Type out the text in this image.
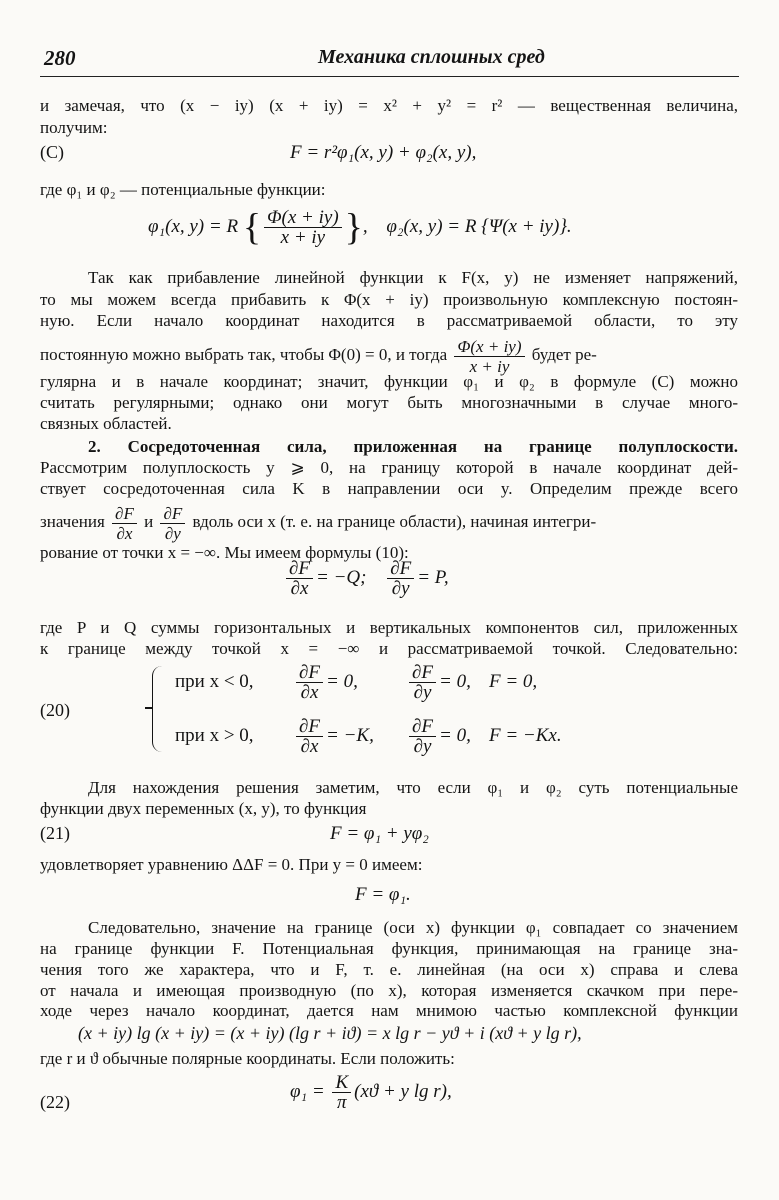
280	Механика сплошных сред
и замечая, что (x − iy) (x + iy) = x² + y² = r² — вещественная величина,
получим:
(C)	F = r²φ₁(x, y) + φ₂(x, y),
где φ₁ и φ₂ — потенциальные функции:
φ₁(x, y) = R { $\frac{\Phi(x + iy)}{x + iy}$ }, φ₂(x, y) = R {Ψ(x + iy)}.
Так как прибавление линейной функции к F(x, y) не изменяет напряжений,
то мы можем всегда прибавить к Φ(x + iy) произвольную комплексную постоян-
ную. Если начало координат находится в рассматриваемой области, то эту
постоянную можно выбрать так, чтобы Φ(0) = 0, и тогда $\frac{\Phi(x + iy)}{x + iy}$ будет ре-
гулярна и в начале координат; значит, функции φ₁ и φ₂ в формуле (C) можно
считать регулярными; однако они могут быть многозначными в случае много-
связных областей.
2. Сосредоточенная сила, приложенная на границе полуплоскости.
Рассмотрим полуплоскость y ⩾ 0, на границу которой в начале координат дей-
ствует сосредоточенная сила K в направлении оси y. Определим прежде всего
значения $\frac{\partial F}{\partial x}$ и $\frac{\partial F}{\partial y}$ вдоль оси x (т. е. на границе области), начиная интегри-
рование от точки x = −∞. Мы имеем формулы (10):
$\frac{\partial F}{\partial x} = -Q$; $\frac{\partial F}{\partial y} = P$,
где P и Q суммы горизонтальных и вертикальных компонентов сил, приложенных
к границе между точкой x = −∞ и рассматриваемой точкой. Следовательно:
(20)
при x < 0, $\frac{\partial F}{\partial x} = 0$,	$\frac{\partial F}{\partial y} = 0$, F = 0,
при x > 0, $\frac{\partial F}{\partial x} = -K$, $\frac{\partial F}{\partial y} = 0$, F = −Kx.
Для нахождения решения заметим, что если φ₁ и φ₂ суть потенциальные
функции двух переменных (x, y), то функция
(21)	F = φ₁ + yφ₂
удовлетворяет уравнению ΔΔF = 0. При y = 0 имеем:
F = φ₁.
Следовательно, значение на границе (оси x) функции φ₁ совпадает со значением
на границе функции F. Потенциальная функция, принимающая на границе зна-
чения того же характера, что и F, т. е. линейная (на оси x) справа и слева
от начала и имеющая производную (по x), которая изменяется скачком при пере-
ходе через начало координат, дается нам мнимою частью комплексной функции
(x + iy) lg (x + iy) = (x + iy) (lg r + iϑ) = x lg r − yϑ + i (xϑ + y lg r),
где r и ϑ обычные полярные координаты. Если положить:
(22)	$\varphi_1 = \frac{K}{\pi} (xϑ + y$ lg r),
